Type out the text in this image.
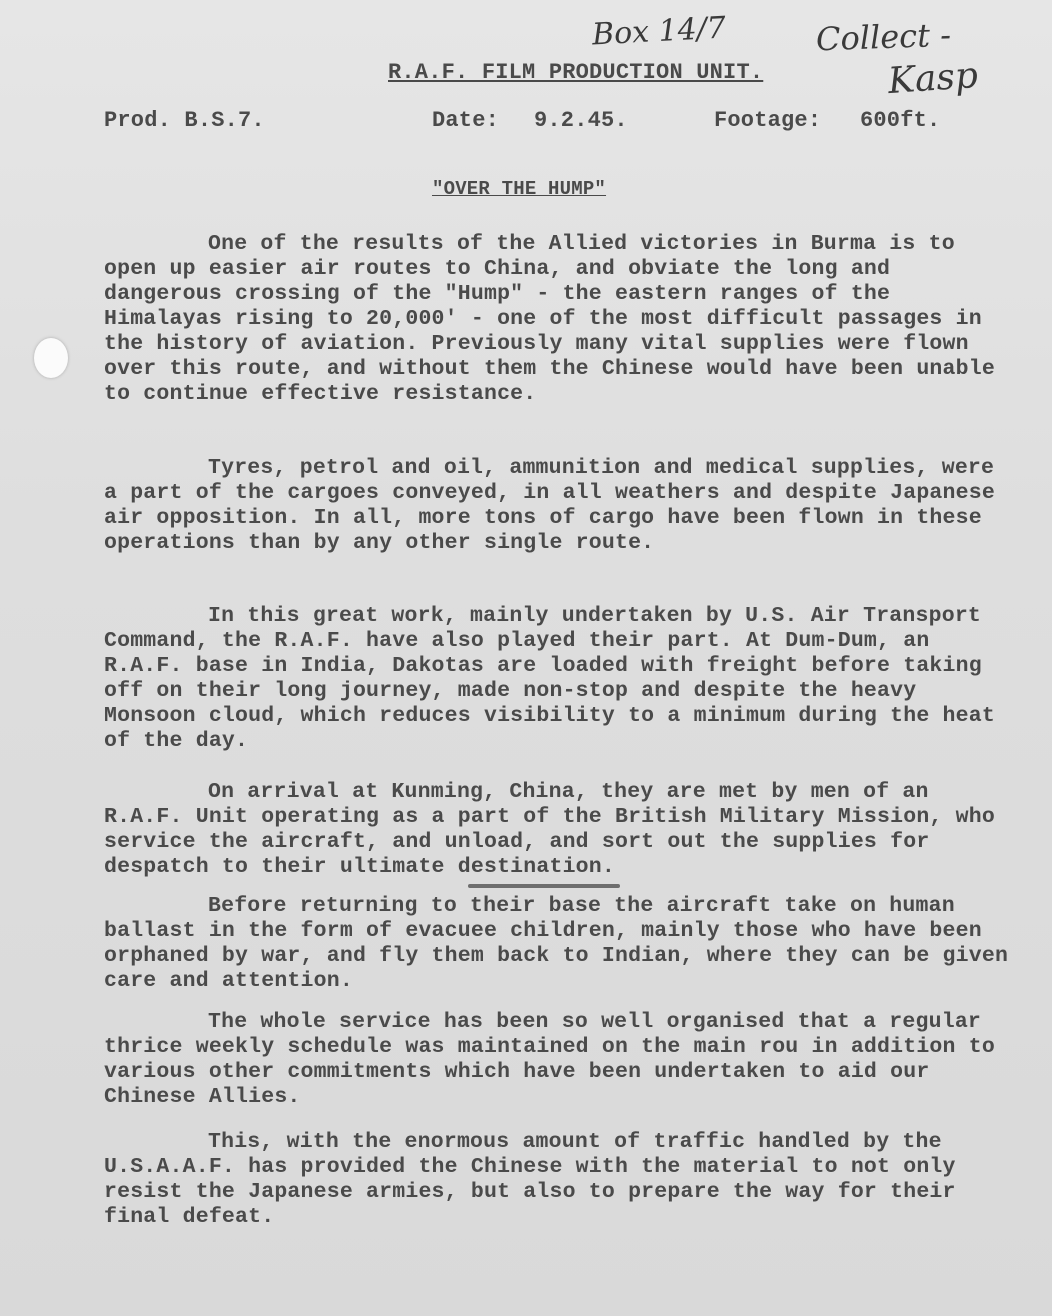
Box 14/7	Collect -
Kasp
R.A.F. FILM PRODUCTION UNIT.
Prod. B.S.7.	Date: 9.2.45.	Footage: 600ft.
"OVER THE HUMP"

One of the results of the Allied victories in Burma is to open up easier air routes to China, and obviate the long and dangerous crossing of the "Hump" - the eastern ranges of the Himalayas rising to 20,000' - one of the most difficult passages in the history of aviation. Previously many vital supplies were flown over this route, and without them the Chinese would have been unable to continue effective resistance.

Tyres, petrol and oil, ammunition and medical supplies, were a part of the cargoes conveyed, in all weathers and despite Japanese air opposition. In all, more tons of cargo have been flown in these operations than by any other single route.

In this great work, mainly undertaken by U.S. Air Transport Command, the R.A.F. have also played their part. At Dum-Dum, an R.A.F. base in India, Dakotas are loaded with freight before taking off on their long journey, made non-stop and despite the heavy Monsoon cloud, which reduces visibility to a minimum during the heat of the day.

On arrival at Kunming, China, they are met by men of an R.A.F. Unit operating as a part of the British Military Mission, who service the aircraft, and unload, and sort out the supplies for despatch to their ultimate destination.

Before returning to their base the aircraft take on human ballast in the form of evacuee children, mainly those who have been orphaned by war, and fly them back to Indian, where they can be given care and attention.

The whole service has been so well organised that a regular thrice weekly schedule was maintained on the main rou in addition to various other commitments which have been undertaken to aid our Chinese Allies.

This, with the enormous amount of traffic handled by the U.S.A.A.F. has provided the Chinese with the material to not only resist the Japanese armies, but also to prepare the way for their final defeat.
